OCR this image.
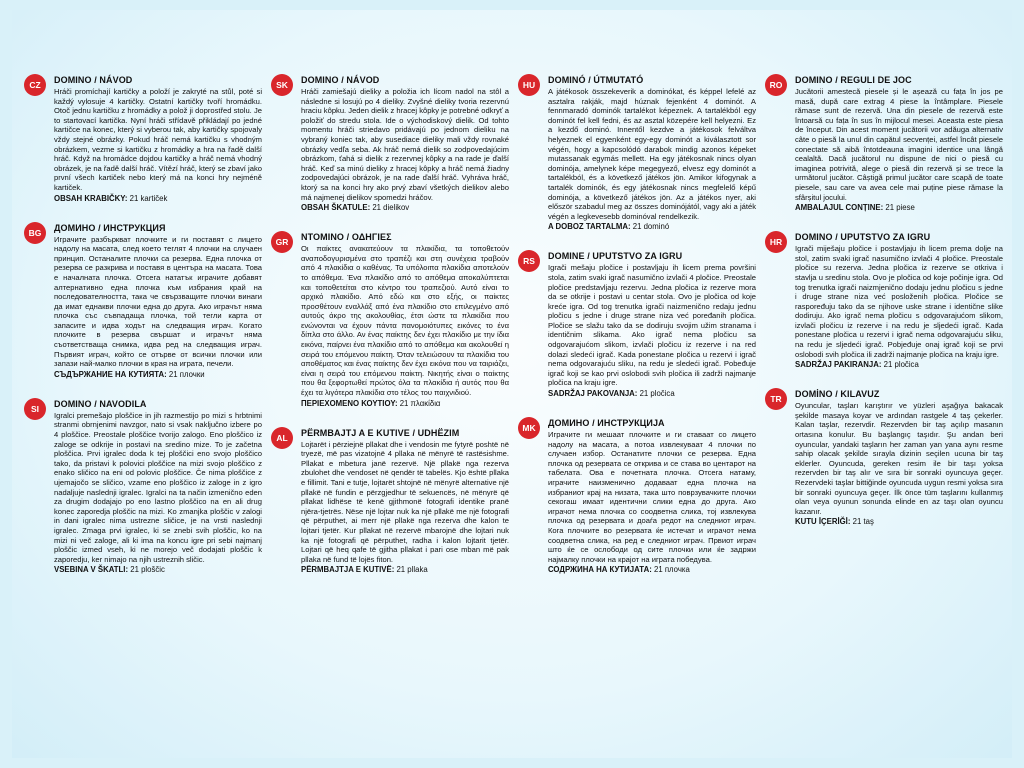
CZ	DOMINO / NÁVOD
Hráči promíchají kartičky a položí je zakryté na stůl, poté si každý vylosuje 4 kartičky. Ostatní kartičky tvoří hromádku. Otoč jednu kartičku z hromádky a polož ji doprostřed stolu. Je to startovací kartička. Nyní hráči střídavě přikládají po jedné kartičce na konec, který si vyberou tak, aby kartičky spojovaly vždy stejné obrázky. Pokud hráč nemá kartičku s vhodným obrázkem, vezme si kartičku z hromádky a hra na řadě další hráč. Když na hromádce dojdou kartičky a hráč nemá vhodný obrázek, je na řadě další hráč. Vítězí hráč, který se zbaví jako první všech kartiček nebo který má na konci hry nejméně kartiček.
OBSAH KRABIČKY: 21 kartiček
BG	ДОМИНО / ИНСТРУКЦИЯ
Играчите разбъркват плочките и ги поставят с лицето надолу на масата, след което теглят 4 плочки на случаен принцип. Останалите плочки са резерва. Една плочка от резерва се разкрива и поставя в центъра на масата. Това е началната плочка. Отсега нататък играчите добавят алтернативно една плочка към избрания край на последователността, така че свързващите плочки винаги да имат еднакви плочки една до друга. Ако играчът няма плочка със съвпадаща плочка, той тегли карта от запасите и идва ходът на следващия играч. Когато плочките в резерва свършат и играчът няма съответстваща снимка, идва ред на следващия играч. Първият играч, който се отърве от всички плочки или запази най-малко плочки в края на играта, печели.
СЪДЪРЖАНИЕ НА КУТИЯТА: 21 плочки
SI	DOMINO / NAVODILA
Igralci premešajo ploščice in jih razmestijo po mizi s hrbtnimi stranmi obrnjenimi navzgor, nato si vsak naključno izbere po 4 ploščice. Preostale ploščice tvorijo zalogo. Eno ploščico iz zaloge se odkrije in postavi na sredino mize. To je začetna ploščica. Prvi igralec doda k tej ploščici eno svojo ploščico tako, da pristavi k polovici ploščice na mizi svojo ploščico z enako sličico na eni od polovic ploščice. Če nima ploščice z ujemajočo se sličico, vzame eno ploščico iz zaloge in z igro nadaljuje naslednji igralec. Igralci na ta način izmenično eden za drugim dodajajo po eno lastno ploščico na en ali drug konec zaporedja ploščic na mizi. Ko zmanjka ploščic v zalogi in dani igralec nima ustrezne sličice, je na vrsti naslednji igralec. Zmaga prvi igralec, ki se znebi svih ploščic, ko na mizi ni več zaloge, ali ki ima na koncu igre pri sebi najmanj ploščic izmed vseh, ki ne morejo več dodajati ploščic k zaporedju, ker nimajo na njih ustreznih sličic.
VSEBINA V ŠKATLI: 21 ploščic
SK	DOMINO / NÁVOD
Hráči zamiešajú dieliky a položia ich lícom nadol na stôl a následne si losujú po 4 dieliky. Zvyšné dieliky tvoria rezervnú hraciu kôpku. Jeden dielik z hracej kôpky je potrebné odkryť a položiť do stredu stola. Ide o východiskový dielik. Od tohto momentu hráči striedavo pridávajú po jednom dieliku na vybraný koniec tak, aby susediace dieliky mali vždy rovnaké obrázky vedľa seba. Ak hráč nemá dielik so zodpovedajúcim obrázkom, ťahá si dielik z rezervnej kôpky a na rade je ďalší hráč. Keď sa minú dieliky z hracej kôpky a hráč nemá žiadny zodpovedajúci obrázok, je na rade ďalší hráč. Vyhráva hráč, ktorý sa na konci hry ako prvý zbaví všetkých dielikov alebo má najmenej dielikov spomedzi hráčov.
OBSAH ŠKATULE: 21 dielikov
GR	ΝΤΟΜΙΝΟ / ΟΔΗΓΙΕΣ
Οι παίκτες ανακατεύουν τα πλακίδια, τα τοποθετούν αναποδογυρισμένα στο τραπέζι και στη συνέχεια τραβούν από 4 πλακίδια ο καθένας. Τα υπόλοιπα πλακίδια αποτελούν το απόθεμα. Ένα πλακίδιο από το απόθεμα αποκαλύπτεται και τοποθετείται στο κέντρο του τραπεζιού. Αυτό είναι το αρχικό πλακίδιο. Από εδώ και στο εξής, οι παίκτες προσθέτουν εναλλάξ από ένα πλακίδιο στο επιλεγμένο από αυτούς άκρο της ακολουθίας, έτσι ώστε τα πλακίδια που ενώνονται να έχουν πάντα πανομοιότυπες εικόνες το ένα δίπλα στο άλλο. Αν ένας παίκτης δεν έχει πλακίδιο με την ίδια εικόνα, παίρνει ένα πλακίδιο από το απόθεμα και ακολουθεί η σειρά του επόμενου παίκτη. Όταν τελειώσουν τα πλακίδια του αποθέματος και ένας παίκτης δεν έχει εικόνα που να ταιριάζει, είναι η σειρά του επόμενου παίκτη. Νικητής είναι ο παίκτης που θα ξεφορτωθεί πρώτος όλα τα πλακίδια ή αυτός που θα έχει τα λιγότερα πλακίδια στο τέλος του παιχνιδιού.
ΠΕΡΙΕΧΟΜΕΝΟ ΚΟΥΤΙΟΥ: 21 πλακίδια
AL	PËRMBAJTJ A E KUTIVE / UDHËZIM
Lojtarët i përziejnë pllakat dhe i vendosin me fytyrë poshtë në tryezë, më pas vizatojnë 4 pllaka në mënyrë të rastësishme. Pllakat e mbetura janë rezervë. Një pllakë nga rezerva zbulohet dhe vendoset në qendër të tabelës. Kjo është pllaka e fillimit. Tani e tutje, lojtarët shtojnë në mënyrë alternative një pllakë në fundin e përzgjedhur të sekuencës, në mënyrë që pllakat lidhëse të kenë gjithmonë fotografi identike pranë njëra-tjetrës. Nëse një lojtar nuk ka një pllakë me një fotografi që përputhet, ai merr një pllakë nga rezerva dhe kalon te lojtari tjetër. Kur pllakat në rezervë mbarojnë dhe lojtari nuk ka një fotografi që përputhet, radha i kalon lojtarit tjetër. Lojtari që heq qafe të gjitha pllakat i pari ose mban më pak pllaka në fund të lojës fiton.
PËRMBAJTJA E KUTIVË: 21 pllaka
HU	DOMINÓ / ÚTMUTATÓ
A játékosok összekeverik a dominókat, és képpel lefelé az asztalra rakják, majd húznak fejenként 4 dominót. A fennmaradó dominók tartalékot képeznek. A tartalékból egy dominót fel kell fedni, és az asztal közepére kell helyezni. Ez a kezdő dominó. Innentől kezdve a játékosok felváltva helyeznek el egyenként egy-egy dominót a kiválasztott sor végén, hogy a kapcsolódó darabok mindig azonos képeket mutassanak egymás mellett. Ha egy játékosnak nincs olyan dominója, amelynek képe megegyező, elvesz egy dominót a tartalékból, és a következő játékos jön. Amikor kifogynak a tartalék dominók, és egy játékosnak nincs megfelelő képű dominója, a következő játékos jön. Az a játékos nyer, aki először szabadul meg az összes dominójától, vagy aki a játék végén a legkevesebb dominóval rendelkezik.
A DOBOZ TARTALMA: 21 dominó
RS	DOMINE / UPUTSTVO ZA IGRU
Igrači mešaju pločice i postavljaju ih licem prema površini stola, zatim svaki igrač nasumično izvlači 4 pločice. Preostale pločice predstavljaju rezervu. Jedna pločica iz rezerve mora da se otkrije i postavi u centar stola. Ovo je pločica od koje kreće igra. Od tog trenutka igrači naizmenično redaju jednu pločicu s jedne i druge strane niza već poređanih pločica. Pločice se slažu tako da se dodiruju svojim užim stranama i identičnim slikama. Ako igrač nema pločicu sa odgovarajućom slikom, izvlači pločicu iz rezerve i na red dolazi sledeći igrač. Kada ponestane pločica u rezervi i igrač nema odgovarajuću sliku, na redu je sledeći igrač. Pobeđuje igrač koji se kao prvi oslobodi svih pločica ili zadrži najmanje pločica na kraju igre.
SADRŽAJ PAKOVANJA: 21 pločica
MK	ДОМИНО / ИНСТРУКЦИЈА
Играчите ги мешаат плочките и ги ставаат со лицето надолу на масата, а потоа извлекуваат 4 плочки по случаен избор. Останатите плочки се резерва. Една плочка од резервата се открива и се става во центарот на табелата. Ова е почетната плочка. Отсега натаму, играчите наизменично додаваат една плочка на избраниот крај на низата, така што поврзувачките плочки секогаш имаат идентични слики една до друга. Ако играчот нема плочка со соодветна слика, тој извлекува плочка од резервата и доаѓа редот на следниот играч. Кога плочките во резервата ќе истечат и играчот нема соодветна слика, на ред е следниот играч. Првиот играч што ќе се ослободи од сите плочки или ќе задржи најмалку плочки на крајот на играта победува.
СОДРЖИНА НА КУТИЈАТА: 21 плочка
RO	DOMINO / REGULI DE JOC
Jucătorii amestecă piesele și le așează cu fața în jos pe masă, după care extrag 4 piese la întâmplare. Piesele rămase sunt de rezervă. Una din piesele de rezervă este întoarsă cu fața în sus în mijlocul mesei. Aceasta este piesa de început. Din acest moment jucătorii vor adăuga alternativ câte o piesă la unul din capătul secvenței, astfel încât piesele conectate să aibă întotdeauna imagini identice una lângă cealaltă. Dacă jucătorul nu dispune de nici o piesă cu imaginea potrivită, alege o piesă din rezervă și se trece la următorul jucător. Câștigă primul jucător care scapă de toate piesele, sau care va avea cele mai puține piese rămase la sfârșitul jocului.
AMBALAJUL CONȚINE: 21 piese
HR	DOMINO / UPUTSTVO ZA IGRU
Igrači miješaju pločice i postavljaju ih licem prema dolje na stol, zatim svaki igrač nasumično izvlači 4 pločice. Preostale pločice su rezerva. Jedna pločica iz rezerve se otkriva i stavlja u sredinu stola. Ovo je pločica od koje počinje igra. Od tog trenutka igrači naizmjenično dodaju jednu pločicu s jedne i druge strane niza već posloženih pločica. Pločice se raspoređuju tako da se njihove uske strane i identične slike dodiruju. Ako igrač nema pločicu s odgovarajućom slikom, izvlači pločicu iz rezerve i na redu je sljedeći igrač. Kada ponestane pločica u rezervi i igrač nema odgovarajuću sliku, na redu je sljedeći igrač. Pobjeđuje onaj igrač koji se prvi oslobodi svih pločica ili zadrži najmanje pločica na kraju igre.
SADRŽAJ PAKIRANJA: 21 pločica
TR	DOMİNO / KILAVUZ
Oyuncular, taşları karıştırır ve yüzleri aşağıya bakacak şekilde masaya koyar ve ardından rastgele 4 taş çekerler. Kalan taşlar, rezervdir. Rezervden bir taş açılıp masanın ortasına konulur. Bu başlangıç taşıdır. Şu andan beri oyuncular, yandaki taşların her zaman yan yana aynı resme sahip olacak şekilde sırayla dizinin seçilen ucuna bir taş eklerler. Oyuncuda, gereken resim ile bir taşı yoksa rezervden bir taş alır ve sıra bir sonraki oyuncuya geçer. Rezervdeki taşlar bittiğinde oyuncuda uygun resmi yoksa sıra bir sonraki oyuncuya geçer. İlk önce tüm taşlarını kullanmış olan veya oyunun sonunda elinde en az taşı olan oyuncu kazanır.
KUTU İÇERİĞİ: 21 taş
